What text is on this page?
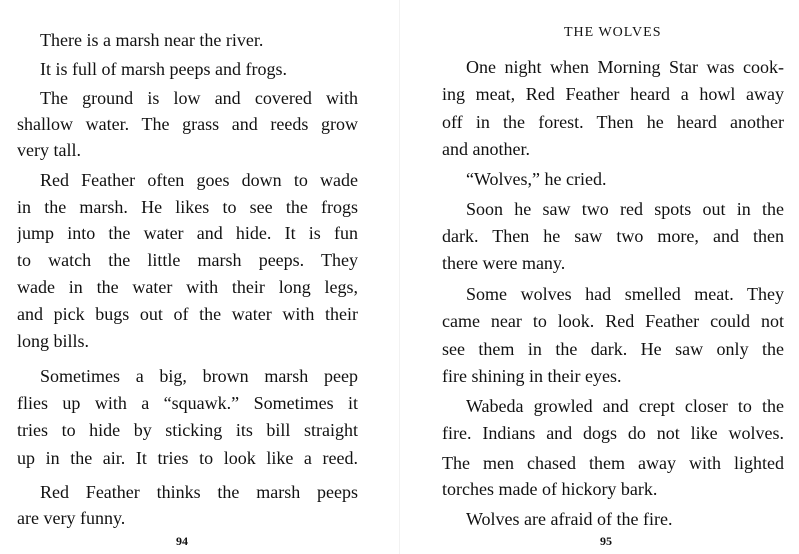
There is a marsh near the river.

It is full of marsh peeps and frogs.

The ground is low and covered with

shallow water. The grass and reeds grow

very tall.

Red Feather often goes down to wade

in the marsh. He likes to see the frogs

jump into the water and hide. It is fun

to watch the little marsh peeps. They

wade in the water with their long legs,

and pick bugs out of the water with their

long bills.

Sometimes a big, brown marsh peep

flies up with a “squawk.” Sometimes it

tries to hide by sticking its bill straight

up in the air. It tries to look like a reed.

Red Feather thinks the marsh peeps

are very funny.

94
THE WOLVES

One night when Morning Star was cook-

ing meat, Red Feather heard a howl away

off in the forest. Then he heard another

and another.

“Wolves,” he cried.

Soon he saw two red spots out in the

dark. Then he saw two more, and then

there were many.

Some wolves had smelled meat. They

came near to look. Red Feather could not

see them in the dark. He saw only the

fire shining in their eyes.

Wabeda growled and crept closer to the

fire. Indians and dogs do not like wolves.

The men chased them away with lighted

torches made of hickory bark.

Wolves are afraid of the fire.

95
